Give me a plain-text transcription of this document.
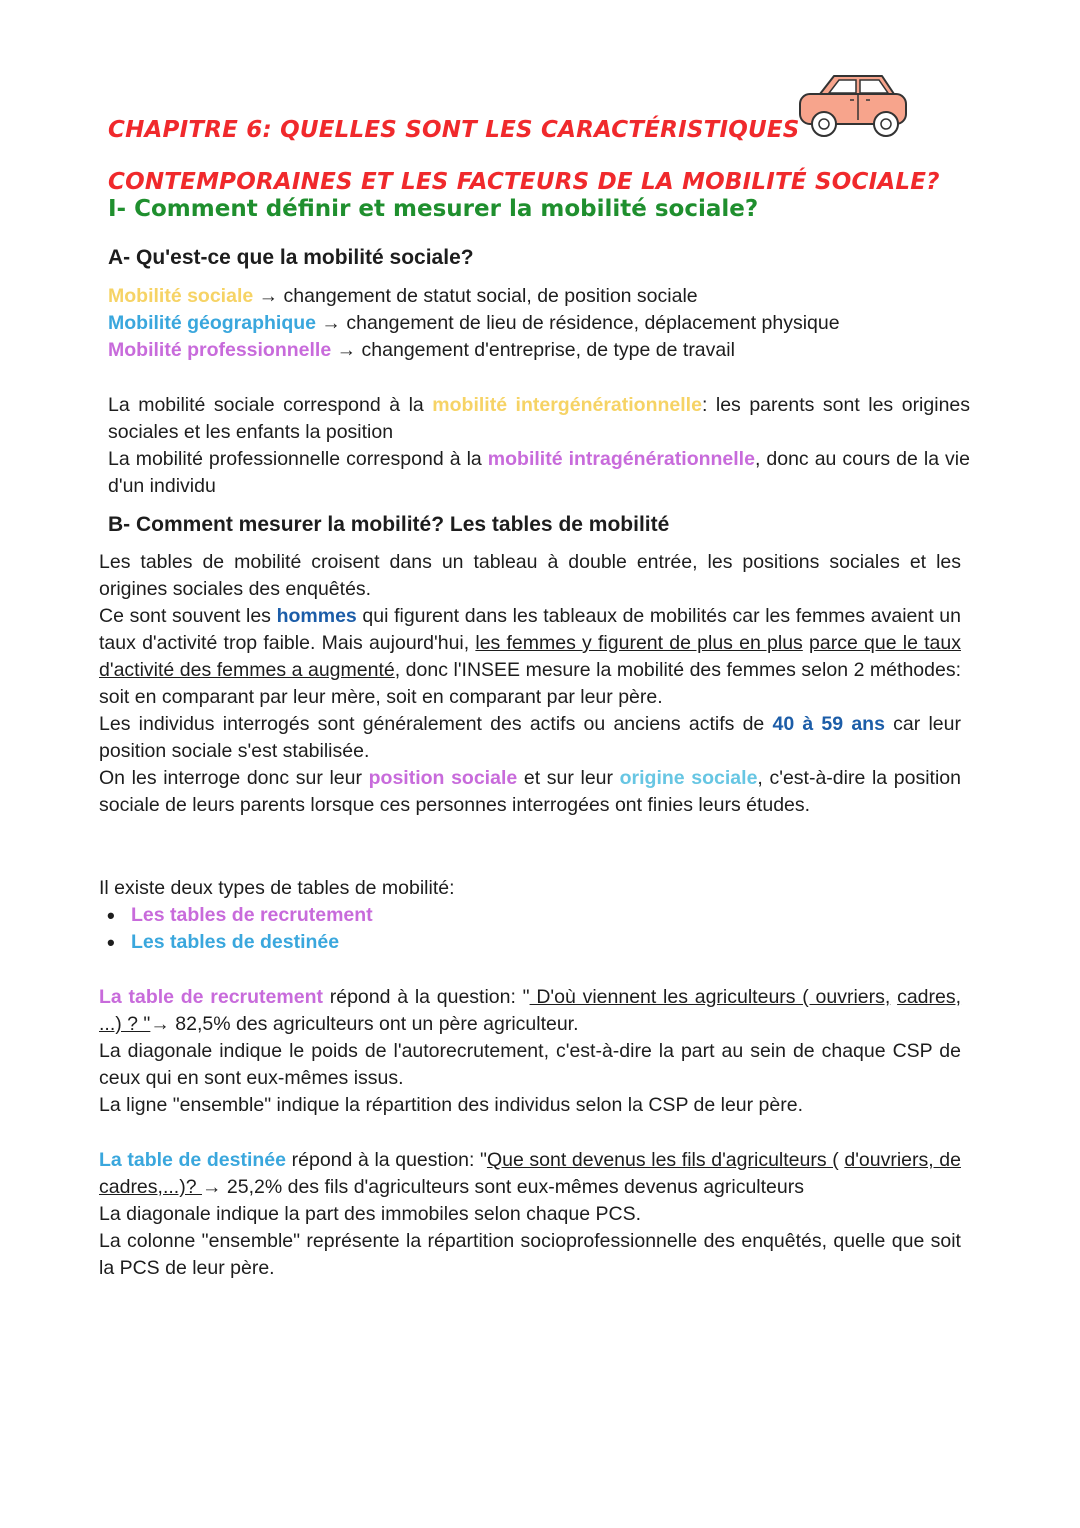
CHAPITRE 6: QUELLES SONT LES CARACTÉRISTIQUES
CONTEMPORAINES ET LES FACTEURS DE LA MOBILITÉ SOCIALE?
I- Comment définir et mesurer la mobilité sociale?
A- Qu'est-ce que la mobilité sociale?
Mobilité sociale → changement de statut social, de position sociale
Mobilité géographique → changement de lieu de résidence, déplacement physique
Mobilité professionnelle → changement d'entreprise, de type de travail
La mobilité sociale correspond à la mobilité intergénérationnelle: les parents sont les origines sociales et les enfants la position
La mobilité professionnelle correspond à la mobilité intragénérationnelle, donc au cours de la vie d'un individu
B- Comment mesurer la mobilité? Les tables de mobilité
Les tables de mobilité croisent dans un tableau à double entrée, les positions sociales et les origines sociales des enquêtés.
Ce sont souvent les hommes qui figurent dans les tableaux de mobilités car les femmes avaient un taux d'activité trop faible. Mais aujourd'hui, les femmes y figurent de plus en plus parce que le taux d'activité des femmes a augmenté, donc l'INSEE mesure la mobilité des femmes selon 2 méthodes: soit en comparant par leur mère, soit en comparant par leur père.
Les individus interrogés sont généralement des actifs ou anciens actifs de 40 à 59 ans car leur position sociale s'est stabilisée.
On les interroge donc sur leur position sociale et sur leur origine sociale, c'est-à-dire la position sociale de leurs parents lorsque ces personnes interrogées ont finies leurs études.
Il existe deux types de tables de mobilité:
• Les tables de recrutement
• Les tables de destinée
La table de recrutement répond à la question: " D'où viennent les agriculteurs ( ouvriers, cadres, ...) ? "→ 82,5% des agriculteurs ont un père agriculteur.
La diagonale indique le poids de l'autorecrutement, c'est-à-dire la part au sein de chaque CSP de ceux qui en sont eux-mêmes issus.
La ligne "ensemble" indique la répartition des individus selon la CSP de leur père.
La table de destinée répond à la question: "Que sont devenus les fils d'agriculteurs ( d'ouvriers, de cadres,...)? → 25,2% des fils d'agriculteurs sont eux-mêmes devenus agriculteurs
La diagonale indique la part des immobiles selon chaque PCS.
La colonne "ensemble" représente la répartition socioprofessionnelle des enquêtés, quelle que soit la PCS de leur père.
